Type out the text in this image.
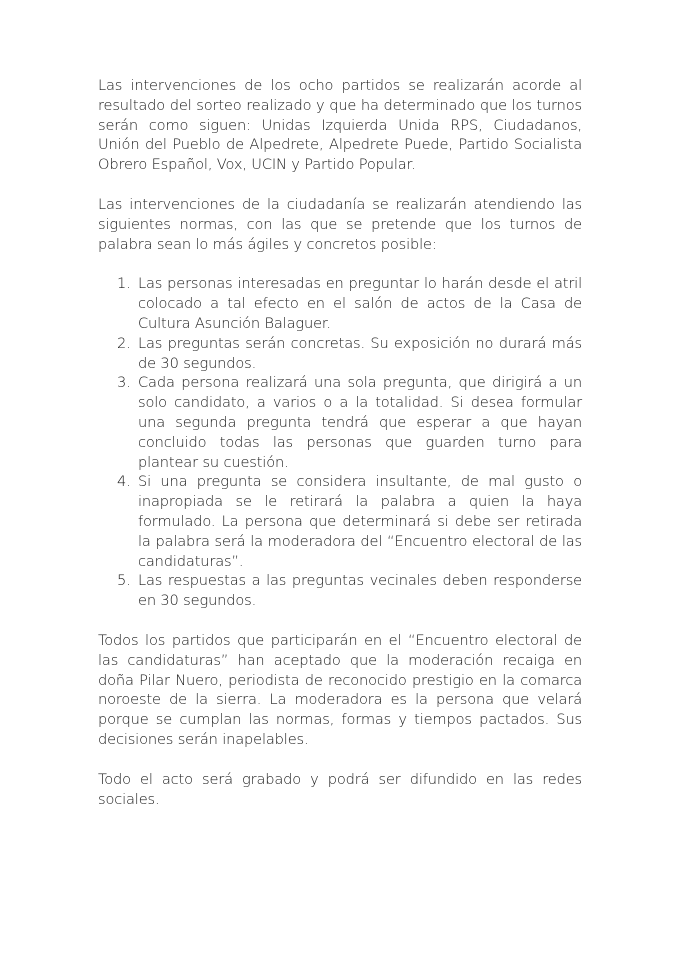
Las intervenciones de los ocho partidos se realizarán acorde al resultado del sorteo realizado y que ha determinado que los turnos serán como siguen: Unidas Izquierda Unida RPS, Ciudadanos, Unión del Pueblo de Alpedrete, Alpedrete Puede, Partido Socialista Obrero Español, Vox, UCIN y Partido Popular.

Las intervenciones de la ciudadanía se realizarán atendiendo las siguientes normas, con las que se pretende que los turnos de palabra sean lo más ágiles y concretos posible:

1. Las personas interesadas en preguntar lo harán desde el atril colocado a tal efecto en el salón de actos de la Casa de Cultura Asunción Balaguer.
2. Las preguntas serán concretas. Su exposición no durará más de 30 segundos.
3. Cada persona realizará una sola pregunta, que dirigirá a un solo candidato, a varios o a la totalidad. Si desea formular una segunda pregunta tendrá que esperar a que hayan concluido todas las personas que guarden turno para plantear su cuestión.
4. Si una pregunta se considera insultante, de mal gusto o inapropiada se le retirará la palabra a quien la haya formulado. La persona que determinará si debe ser retirada la palabra será la moderadora del “Encuentro electoral de las candidaturas”.
5. Las respuestas a las preguntas vecinales deben responderse en 30 segundos.

Todos los partidos que participarán en el “Encuentro electoral de las candidaturas” han aceptado que la moderación recaiga en doña Pilar Nuero, periodista de reconocido prestigio en la comarca noroeste de la sierra. La moderadora es la persona que velará porque se cumplan las normas, formas y tiempos pactados. Sus decisiones serán inapelables.

Todo el acto será grabado y podrá ser difundido en las redes sociales.
